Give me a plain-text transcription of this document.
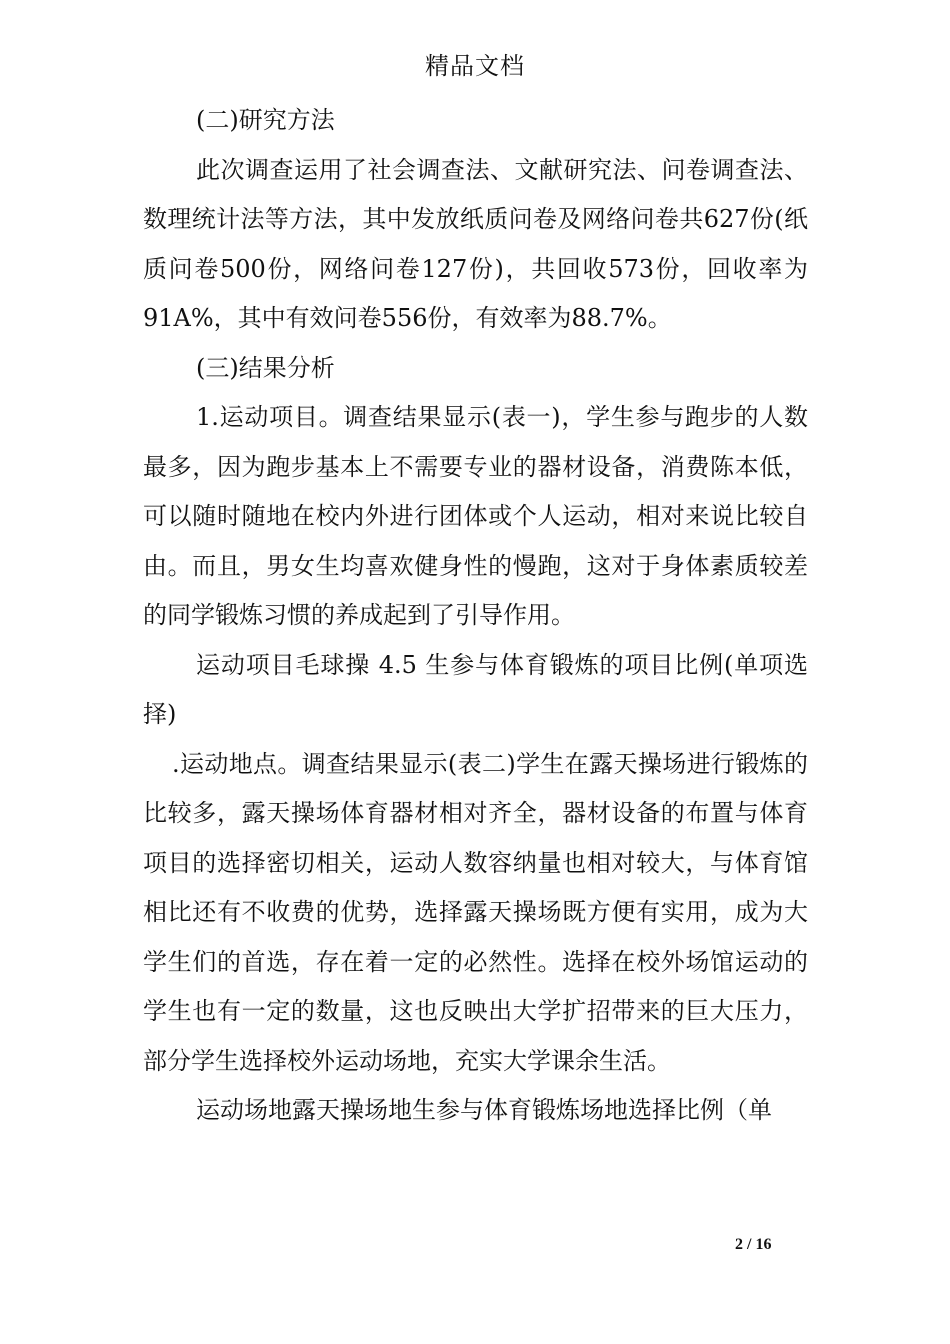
精品文档

(二)研究方法

此次调查运用了社会调查法、文献研究法、问卷调查法、数理统计法等方法，其中发放纸质问卷及网络问卷共627份(纸质问卷500份，网络问卷127份)，共回收573份，回收率为91A%，其中有效问卷556份，有效率为88.7%。

(三)结果分析

1.运动项目。调查结果显示(表一)，学生参与跑步的人数最多，因为跑步基本上不需要专业的器材设备，消费陈本低，可以随时随地在校内外进行团体或个人运动，相对来说比较自由。而且，男女生均喜欢健身性的慢跑，这对于身体素质较差的同学锻炼习惯的养成起到了引导作用。

运动项目毛球操 4.5 生参与体育锻炼的项目比例(单项选择)

.运动地点。调查结果显示(表二)学生在露天操场进行锻炼的比较多，露天操场体育器材相对齐全，器材设备的布置与体育项目的选择密切相关，运动人数容纳量也相对较大，与体育馆相比还有不收费的优势，选择露天操场既方便有实用，成为大学生们的首选，存在着一定的必然性。选择在校外场馆运动的学生也有一定的数量，这也反映出大学扩招带来的巨大压力，部分学生选择校外运动场地，充实大学课余生活。

运动场地露天操场地生参与体育锻炼场地选择比例（单

2 / 16
